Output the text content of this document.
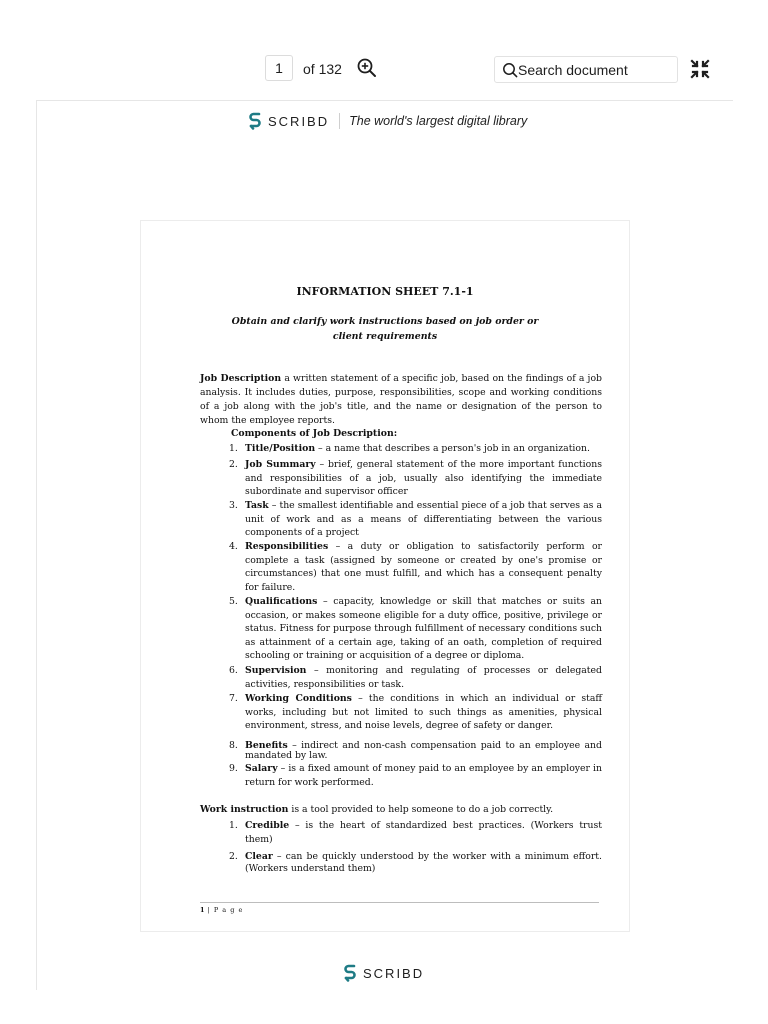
1
of 132
Search document
SCRIBD The world's largest digital library

INFORMATION SHEET 7.1-1

Obtain and clarify work instructions based on job order or client requirements

Job Description a written statement of a specific job, based on the findings of a job analysis. It includes duties, purpose, responsibilities, scope and working conditions of a job along with the job's title, and the name or designation of the person to whom the employee reports.

Components of Job Description:

1. Title/Position – a name that describes a person's job in an organization.
2. Job Summary – brief, general statement of the more important functions and responsibilities of a job, usually also identifying the immediate subordinate and supervisor officer
3. Task – the smallest identifiable and essential piece of a job that serves as a unit of work and as a means of differentiating between the various components of a project
4. Responsibilities – a duty or obligation to satisfactorily perform or complete a task (assigned by someone or created by one's promise or circumstances) that one must fulfill, and which has a consequent penalty for failure.
5. Qualifications – capacity, knowledge or skill that matches or suits an occasion, or makes someone eligible for a duty office, positive, privilege or status. Fitness for purpose through fulfillment of necessary conditions such as attainment of a certain age, taking of an oath, completion of required schooling or training or acquisition of a degree or diploma.
6. Supervision – monitoring and regulating of processes or delegated activities, responsibilities or task.
7. Working Conditions – the conditions in which an individual or staff works, including but not limited to such things as amenities, physical environment, stress, and noise levels, degree of safety or danger.
8. Benefits – indirect and non-cash compensation paid to an employee and mandated by law.
9. Salary – is a fixed amount of money paid to an employee by an employer in return for work performed.

Work instruction is a tool provided to help someone to do a job correctly.

1. Credible – is the heart of standardized best practices. (Workers trust them)
2. Clear – can be quickly understood by the worker with a minimum effort. (Workers understand them)

1 | P a g e

SCRIBD
